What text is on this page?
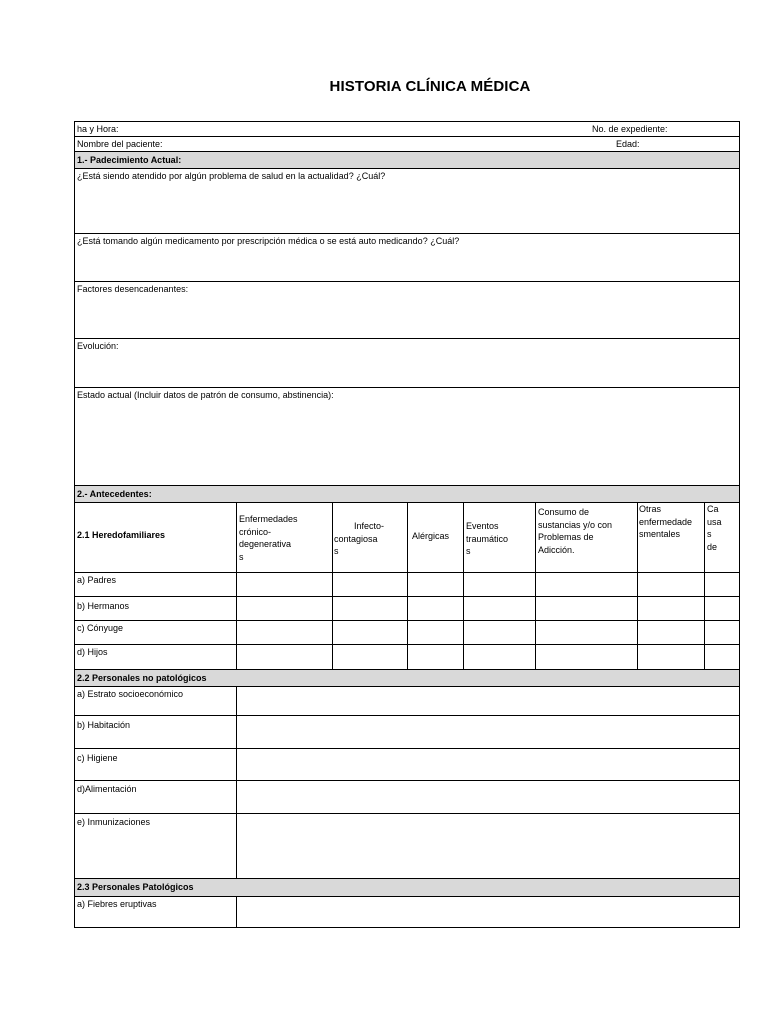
HISTORIA CLÍNICA MÉDICA
ha y Hora:	No. de expediente:
Nombre del paciente:	Edad:
1.- Padecimiento Actual:
¿Está siendo atendido por algún problema de salud en la actualidad? ¿Cuál?
¿Está tomando algún medicamento por prescripción médica o se está auto medicando? ¿Cuál?
Factores desencadenantes:
Evolución:
Estado actual (Incluir datos de patrón de consumo, abstinencia):
2.- Antecedentes:
2.1 Heredofamiliares
Enfermedades
crónico-
degenerativa
s
Infecto-
contagiosa
s
Alérgicas
Eventos
traumático
s
Consumo de
sustancias y/o con
Problemas de
Adicción.
Otras
enfermedade
smentales
Ca
usa
s
de
a) Padres
b) Hermanos
c) Cónyuge
d) Hijos
2.2 Personales no patológicos
a) Estrato socioeconómico
b) Habitación
c) Higiene
d)Alimentación
e) Inmunizaciones
2.3 Personales Patológicos
a) Fiebres eruptivas
